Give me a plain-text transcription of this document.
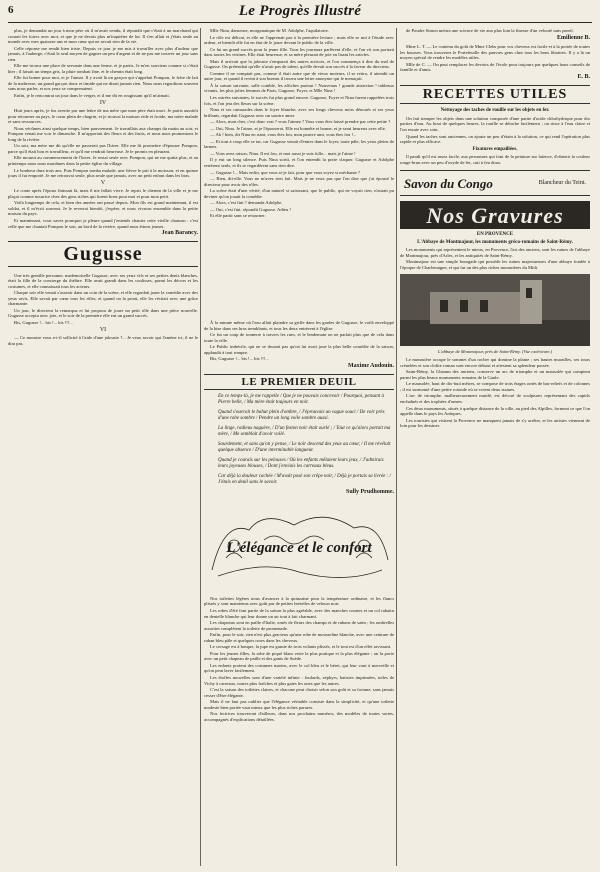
6	Le Progrès Illustré

plus, je demandai un jour à mon père où il m'avait vendu, il répondit que c'était à un marchand qui courait les foires avec moi, et que je ne devais plus m'inquiéter de lui. Il s'en allait et j'étais seule au monde avec mes quatorze ans et mon cœur qui ne savait rien de la vie.

Celle réponse me rendit bien triste. Depuis ce jour je me mis à travailler avec plus d'ardeur que jamais, à l'auberge, c'était le seul moyen de gagner un peu d'argent et de ne pas me trouver un jour sans rien.

Elle me trouva une place de servante dans une ferme, et je partis. Je m'en souviens comme si c'était hier ; il faisait un temps gris, la pluie tombait fine, et le chemin était long.

Elle fut bonne pour moi, et je l'aimai. Il y avait là un garçon qui s'appelait Pompon, le frère de lait de la maîtresse, un grand garçon doux et timide qui ne disait jamais rien. Nous nous regardions souvent sans nous parler, et nos yeux se comprenaient.

Enfin, je le rencontrai un jour dans le verger, et il me dit en rougissant qu'il m'aimait.

IV

Huit jours après, je fus avertie par une lettre de ma mère que mon père était mort. Je partis aussitôt pour retourner au pays, le cœur plein de chagrin, et je trouvai la maison vide et froide, ma mère malade et sans ressources.

Nous vécûmes ainsi quelque temps, bien pauvrement. Je travaillais aux champs du matin au soir, et Pompon venait me voir le dimanche. Il m'apportait des fleurs et des fruits, et nous nous promenions le long de la rivière.

Un soir, ma mère me dit qu'elle ne passerait pas l'hiver. Elle me fit promettre d'épouser Pompon, parce qu'il était bon et travailleur, et qu'il me rendrait heureuse. Je le promis en pleurant.

Elle mourut au commencement de l'hiver. Je restai seule avec Pompon, qui ne me quitta plus, et au printemps nous nous mariâmes dans la petite église du village.

Le bonheur dura trois ans. Puis Pompon tomba malade, une fièvre le prit à la moisson, et en quinze jours il fut emporté. Je me retrouvai seule, plus seule que jamais, avec un petit enfant dans les bras.

V

Le conte après l'époux finissait là, mais il me fallait vivre. Je repris le chemin de la ville et je me plaçai comme nourrice chez des gens riches qui furent bons pour moi et pour mon petit.

Voilà longtemps de cela, et bien des années ont passé depuis. Mon fils est grand maintenant, il est soldat, et il m'écrit souvent. Je le reverrai bientôt, j'espère, et nous vivrons ensemble dans la petite maison du pays.

Et maintenant, vous savez pourquoi je pleure quand j'entends chanter cette vieille chanson : c'est celle que me chantait Pompon le soir, au bord de la rivière, quand nous étions jeunes.

Jean Barancy.

Gugusse

Une très gentille personne, mademoiselle Gugusse, avec ses yeux vifs et ses petites dents blanches, était la fille de la concierge du théâtre. Elle avait grandi dans les coulisses, parmi les décors et les costumes, et elle connaissait tous les acteurs.

Chaque soir elle venait s'asseoir dans un coin de la scène, et elle regardait jouer la comédie avec des yeux ravis. Elle savait par cœur tous les rôles, et quand on la priait, elle les récitait avec une grâce charmante.

Un jour, le directeur la remarqua et lui proposa de jouer un petit rôle dans une pièce nouvelle. Gugusse accepta avec joie, et le soir de la première elle eut un grand succès.

Bis, Gugusse !... bis !... bis !!!...

VI

— Ce monstre vous a-t-il sollicité à l'aide d'une jalousie ?... Je veux savoir qui l'amène ici, il ne le dira pas.

Mlle Nina, danseuse, morganatique de M. Adolphe, l'aquilatorie.

Le rôle est délicat, et elle ne l'apprenait pas à la première lecture ; mais elle se mit à l'étude avec ardeur, et bientôt elle fut en état de le jouer devant le public de la ville.

Ce fut un grand succès pour la jeune fille. Tous les journaux parlèrent d'elle, et l'on vit son portrait dans toutes les vitrines. Elle était heureuse, et sa mère pleurait de joie en lisant les articles.

Mais il arrivait que la jalousie s'emparait des autres actrices, et l'on commença à dire du mal de Gugusse. On prétendait qu'elle n'avait pas de talent, qu'elle devait son succès à la faveur du directeur.

Comme il ne comptait pas, comme il était autre que de vieux moteurs, il se retira, il attendit un autre jour, et quand il revint à son bureau il trouva une lettre anonyme qui le menaçait.

À la saison suivante, salle comble, les affiches partout ! Nouveaux ! grande attraction ! tableaux vivants, les plus jolies femmes de Paris, Gugusse, Foyer, et Mlle Nina !

Les soirées suivantes, le succès fut plus grand encore. Gugusse, Foyer et Nina furent rappelées trois fois, et l'on jeta des fleurs sur la scène.

Nina et ses camarades dans le foyer blanche, avec ses longs cheveux noirs dénoués et ses yeux brillants, regardait Gugusse avec un sourire amer.

— Alors, mon cher, c'est donc vrai ? vous l'aimez ? Vous vous êtes laissé prendre par cette petite ?

— Oui, Nina. Je l'aime, et je l'épouserai. Elle est honnête et bonne, et je serai heureux avec elle.

— Ah ! bien, dit Nina en riant, vous êtes fou, mon pauvre ami, vous êtes fou !...

— Et tout à coup elle se tut, car Gugusse venait d'entrer dans le foyer, toute pâle, les yeux pleins de larmes.

— Vous avez raison, Nina. Il est fou, et moi aussi je suis folle... mais je l'aime !

Il y eut un long silence. Puis Nina sortit, et l'on entendit la porte claquer. Gugusse et Adolphe restèrent seuls, et ils se regardèrent sans rien dire.

— Gugusse !... Mais enfin, que vous ai-je fait, pour que vous soyez si méchante ?

— Rien, dit-elle. Vous ne m'avez rien fait. Mais je ne veux pas que l'on dise que j'ai épousé le directeur pour avoir des rôles.

La scène était d'une vérité, d'un naturel si saisissant, que le public, qui ne voyait rien, n'aurait pu deviner qu'on jouait la comédie.

— Alors, c'est fini ? demanda Adolphe.

— Oui, c'est fini, répondit Gugusse. Adieu !

Et elle partit sans se retourner.

À la minute même où l'eau allait plaindre sa griffe dans les gardes de Gugusse, le voilà enveloppé de la bise dans ses bras tremblants, et tous les deux entrèrent à l'église.

Ce fut un coup de tonnerre à travers les rues, et le lendemain on ne parlait plus que de cela dans toute la ville.

Le Public imbécile, qui ne se doutait pas qu'on lui avait joué la plus belle comédie de la saison, applaudit à tout rompre.

Bis, Gugusse !... bis !... bis !!!...

Maxime Audouin.

LE PREMIER DEUIL

En ce temps-là, je me rappelle / Que je ne pouvais concevoir / Pourquoi, pensant à Pierre belle, / Ma mère était toujours en noir.

Quand s'ouvrait le bahut plein d'ombre, / J'éprouvais un vague souci / De voir près d'une robe sombre / Pendre un long voile sombre aussi.

La linge, radieux naguère, / D'un feston noir était ourlé ; / Tout ce qu'alors portait ma mère, / Me semblait d'avoir voilé.

Sourdement, et sans qu'on y pense, / Le noir descend des yeux au cœur, / Il me révélait quelque absence / D'une interminable langueur.

Quand je courais sur les pelouses / Où les enfants mêlaient leurs jeux, / J'admirais leurs joyeuses blouses, / Dont j'enviais les carreaux bleus.

Car déjà la douleur cachée / M'avait posé son crêpe noir, / Déjà je portais sa livrée : / J'étais en deuil sans le savoir.

Sully Prudhomme.

L'élégance et le confort

Nos toilettes légères nous d'avancer à la quinzaine pour la température ordinaire, et les flancs plissés y sont maintenus avec goût par de petites bretelles de velours noir.

Les robes d'été font partie de la saison la plus agréable, avec des manches courtes et un col rabattu en dentelle blanche qui leur donne un air tout à fait charmant.

Les chapeaux sont en paille d'Italie, ornés de fleurs des champs et de rubans de satin ; les ombrelles assorties complètent la toilette de promenade.

Enfin, pour le soir, rien n'est plus gracieux qu'une robe de mousseline blanche, avec une ceinture de ruban bleu pâle et quelques roses dans les cheveux.

Le corsage est à basque, la jupe est garnie de trois volants plissés, et le tout est d'un effet ravissant.

Pour les jeunes filles, la robe de piqué blanc reste la plus pratique et la plus élégante ; on la porte avec un petit chapeau de paille et des gants de Suède.

Les enfants portent des costumes marins, avec le col bleu et le béret, qui leur vont à merveille et qu'on peut laver facilement.

Les étoffes nouvelles sont d'une variété infinie : foulards, zéphyrs, batistes imprimées, toiles de Vichy à carreaux, toutes plus fraîches et plus gaies les unes que les autres.

C'est la saison des toilettes claires, et chacune peut choisir selon son goût et sa fortune, sans jamais cesser d'être élégante.

Mais il ne faut pas oublier que l'élégance véritable consiste dans la simplicité, et qu'une toilette modeste bien portée vaut mieux que les plus riches parures.

Nos lectrices trouveront d'ailleurs, dans nos prochains numéros, des modèles de toutes sortes, accompagnés d'explications détaillées.

de Poudre Simon mettra une science de vie aux plus loin la finesse d'un velouté sans pareil.

Emilienne B.

Mme L. T. — Le contenu du goût de Mme Clebs pour vos cheveux est facile et à la portée de toutes les bourses. Vous trouverez le Portefeuille des pauvres gens chez tous les bons libraires. Il y a là un moyen spécial de rendre les modèles utiles.

Mlle de C. — On peut remplacer les devoirs de l'école pour toujours par quelques bons conseils de famille et d'amis.

E. B.

RECETTES UTILES

Nettoyage des taches de rouille sur les objets en fer.

On fait tremper les objets dans une solution composée d'une partie d'acide chlorhydrique pour dix parties d'eau. Au bout de quelques heures, la rouille se détache facilement ; on rince à l'eau claire et l'on essuie avec soin.

Quand les taches sont anciennes, on ajoute un peu d'étain à la solution, ce qui rend l'opération plus rapide et plus efficace.

Fixatures empaillées.

Il paraît qu'il est assez facile, aux personnes qui font de la peinture sur faïence, d'obtenir la couleur rouge-brun avec un peu d'oxyde de fer, cuit à feu doux.

Savon du Congo	Blancheur du Teint.
Nos Gravures

EN PROVENCE

L'Abbaye de Montmajour, les monuments gréco-romains de Saint-Rémy.

Les monuments qui représentent le mieux, en Provence, l'art des anciens, sont les ruines de l'abbaye de Montmajour, près d'Arles, et les antiquités de Saint-Rémy.

Montmajour est une simple bourgade qui possède les ruines majestueuses d'une abbaye fondée à l'époque de Charlemagne, et qui fut un des plus riches monastères du Midi.

L'abbaye de Montmajour, près de Saint-Rémy. (Vue extérieure.)

Le monastère occupe le sommet d'un rocher qui domine la plaine ; ses hautes murailles, ses tours crénelées et son cloître roman sont encore debout et attestent sa splendeur passée.

Saint-Rémy, la Glanum des anciens, conserve un arc de triomphe et un mausolée qui comptent parmi les plus beaux monuments romains de la Gaule.

Le mausolée, haut de dix-huit mètres, se compose de trois étages ornés de bas-reliefs et de colonnes ; il est surmonté d'une petite rotonde où se voient deux statues.

L'arc de triomphe, malheureusement mutilé, est décoré de sculptures représentant des captifs enchaînés et des trophées d'armes.

Ces deux monuments, situés à quelque distance de la ville, au pied des Alpilles, forment ce que l'on appelle dans le pays les Antiques.

Les touristes qui visitent la Provence ne manquent jamais de s'y arrêter, et les artistes viennent de loin pour les dessiner.
